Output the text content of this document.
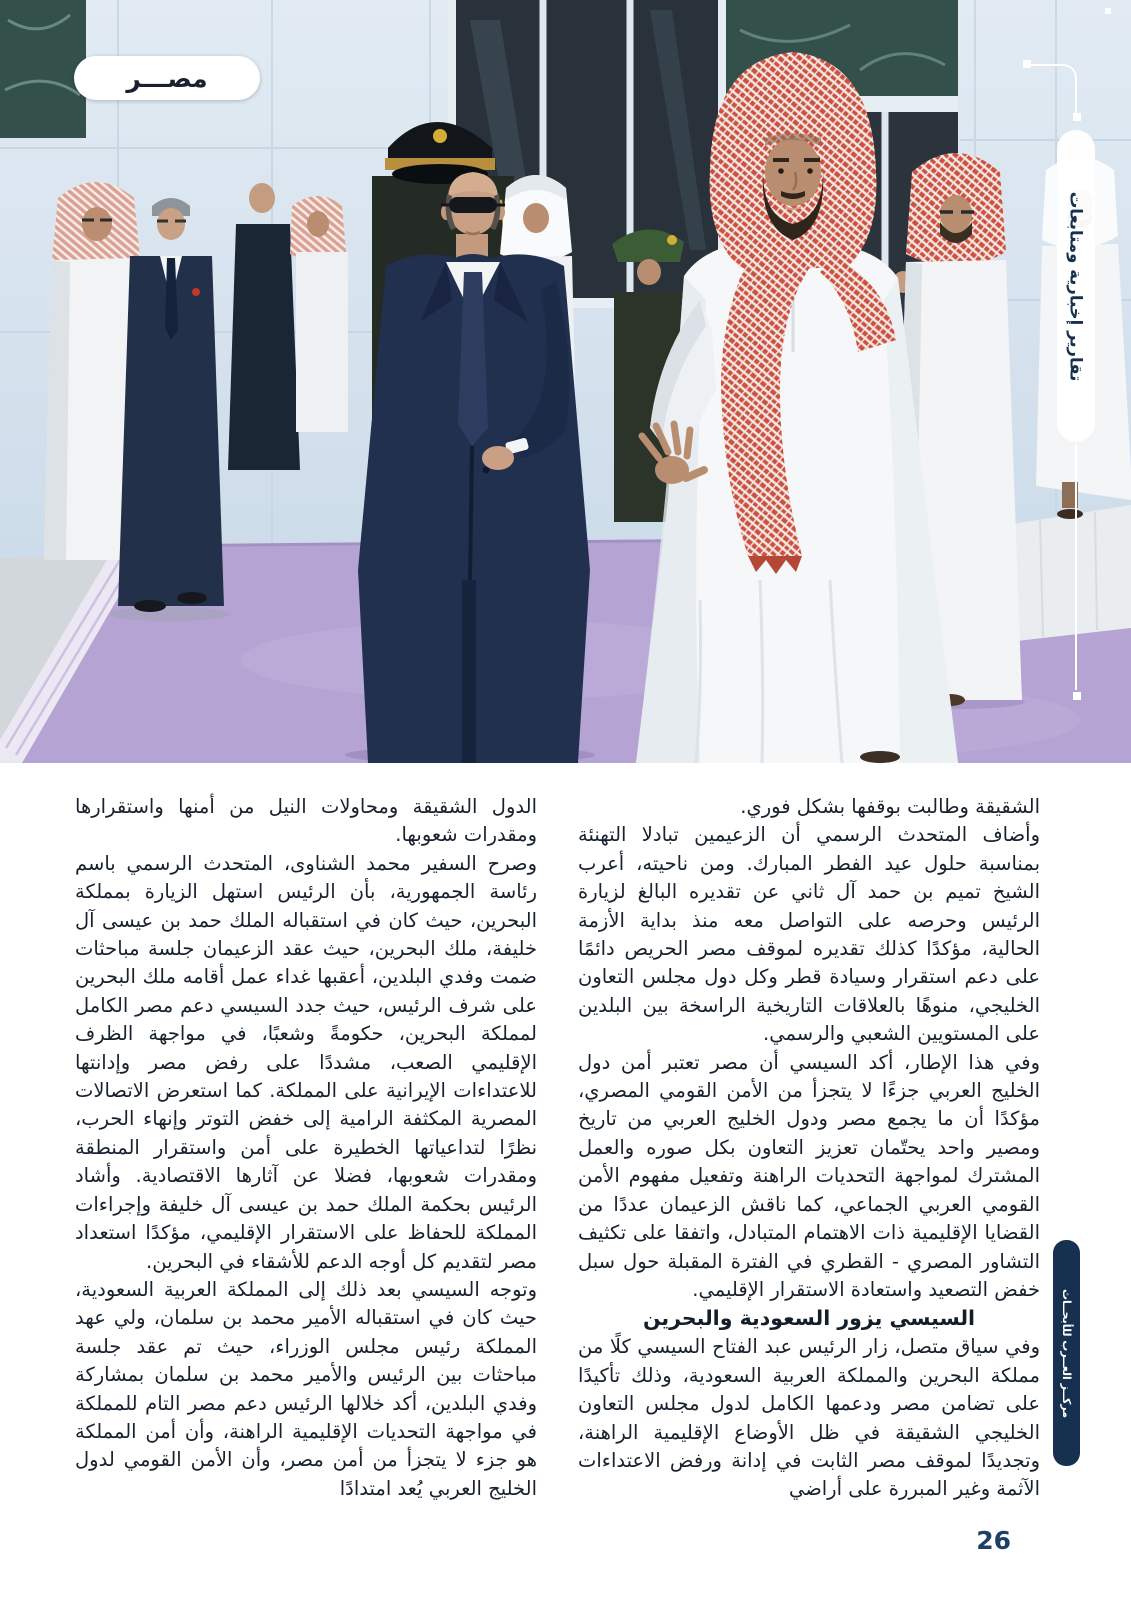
مصـــر
تقارير إخبارية ومتابعات

الشقيقة وطالبت بوقفها بشكل فوري.

وأضاف المتحدث الرسمي أن الزعيمين تبادلا التهنئة بمناسبة حلول عيد الفطر المبارك. ومن ناحيته، أعرب الشيخ تميم بن حمد آل ثاني عن تقديره البالغ لزيارة الرئيس وحرصه على التواصل معه منذ بداية الأزمة الحالية، مؤكدًا كذلك تقديره لموقف مصر الحريص دائمًا على دعم استقرار وسيادة قطر وكل دول مجلس التعاون الخليجي، منوهًا بالعلاقات التاريخية الراسخة بين البلدين على المستويين الشعبي والرسمي.

وفي هذا الإطار، أكد السيسي أن مصر تعتبر أمن دول الخليج العربي جزءًا لا يتجزأ من الأمن القومي المصري، مؤكدًا أن ما يجمع مصر ودول الخليج العربي من تاريخ ومصير واحد يحتّمان تعزيز التعاون بكل صوره والعمل المشترك لمواجهة التحديات الراهنة وتفعيل مفهوم الأمن القومي العربي الجماعي، كما ناقش الزعيمان عددًا من القضايا الإقليمية ذات الاهتمام المتبادل، واتفقا على تكثيف التشاور المصري - القطري في الفترة المقبلة حول سبل خفض التصعيد واستعادة الاستقرار الإقليمي.

السيسي يزور السعودية والبحرين

وفي سياق متصل، زار الرئيس عبد الفتاح السيسي كلًا من مملكة البحرين والمملكة العربية السعودية، وذلك تأكيدًا على تضامن مصر ودعمها الكامل لدول مجلس التعاون الخليجي الشقيقة في ظل الأوضاع الإقليمية الراهنة، وتجديدًا لموقف مصر الثابت في إدانة ورفض الاعتداءات الآثمة وغير المبررة على أراضي

الدول الشقيقة ومحاولات النيل من أمنها واستقرارها ومقدرات شعوبها.

وصرح السفير محمد الشناوى، المتحدث الرسمي باسم رئاسة الجمهورية، بأن الرئيس استهل الزيارة بمملكة البحرين، حيث كان في استقباله الملك حمد بن عيسى آل خليفة، ملك البحرين، حيث عقد الزعيمان جلسة مباحثات ضمت وفدي البلدين، أعقبها غداء عمل أقامه ملك البحرين على شرف الرئيس، حيث جدد السيسي دعم مصر الكامل لمملكة البحرين، حكومةً وشعبًا، في مواجهة الظرف الإقليمي الصعب، مشددًا على رفض مصر وإدانتها للاعتداءات الإيرانية على المملكة. كما استعرض الاتصالات المصرية المكثفة الرامية إلى خفض التوتر وإنهاء الحرب، نظرًا لتداعياتها الخطيرة على أمن واستقرار المنطقة ومقدرات شعوبها، فضلا عن آثارها الاقتصادية. وأشاد الرئيس بحكمة الملك حمد بن عيسى آل خليفة وإجراءات المملكة للحفاظ على الاستقرار الإقليمي، مؤكدًا استعداد مصر لتقديم كل أوجه الدعم للأشقاء في البحرين.

وتوجه السيسي بعد ذلك إلى المملكة العربية السعودية، حيث كان في استقباله الأمير محمد بن سلمان، ولي عهد المملكة رئيس مجلس الوزراء، حيث تم عقد جلسة مباحثات بين الرئيس والأمير محمد بن سلمان بمشاركة وفدي البلدين، أكد خلالها الرئيس دعم مصر التام للمملكة في مواجهة التحديات الإقليمية الراهنة، وأن أمن المملكة هو جزء لا يتجزأ من أمن مصر، وأن الأمن القومي لدول الخليج العربي يُعد امتدادًا

مركــز العــرب للأبحــاث
26
